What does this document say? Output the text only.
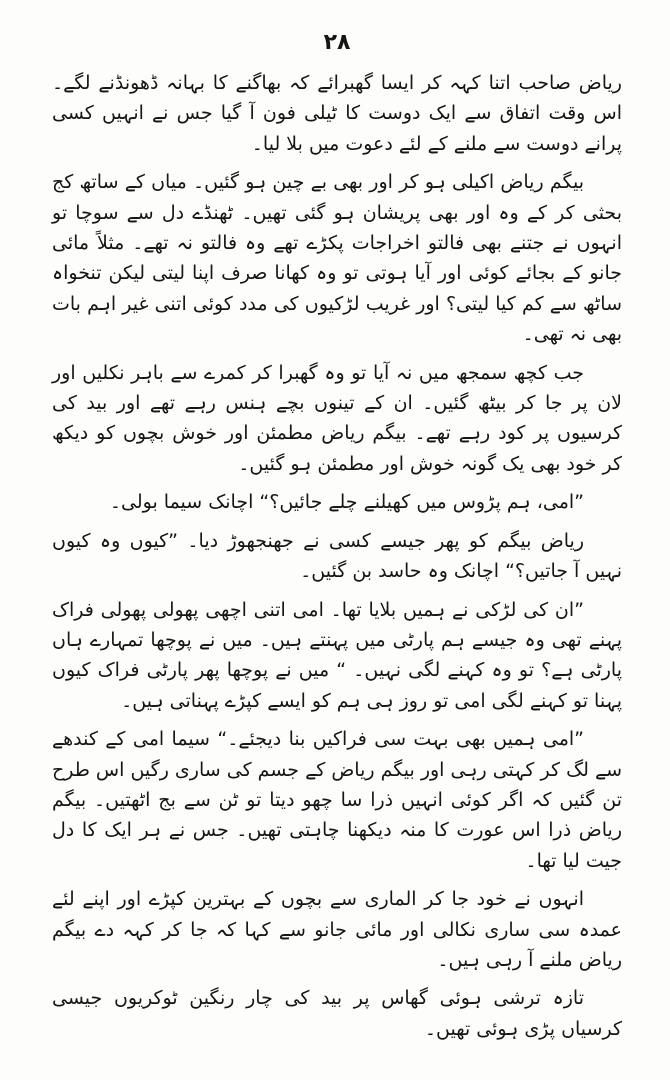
۲۸

ریاض صاحب اتنا کہہ کر ایسا گھبرائے کہ بھاگنے کا بہانہ ڈھونڈنے لگے۔ اس وقت اتفاق سے ایک دوست کا ٹیلی فون آ گیا جس نے انہیں کسی پرانے دوست سے ملنے کے لئے دعوت میں بلا لیا۔

بیگم ریاض اکیلی ہو کر اور بھی بے چین ہو گئیں۔ میاں کے ساتھ کج بحثی کر کے وہ اور بھی پریشان ہو گئی تھیں۔ ٹھنڈے دل سے سوچا تو انہوں نے جتنے بھی فالتو اخراجات پکڑے تھے وہ فالتو نہ تھے۔ مثلاً مائی جانو کے بجائے کوئی اور آیا ہوتی تو وہ کھانا صرف اپنا لیتی لیکن تنخواہ ساٹھ سے کم کیا لیتی؟ اور غریب لڑکیوں کی مدد کوئی اتنی غیر اہم بات بھی نہ تھی۔

جب کچھ سمجھ میں نہ آیا تو وہ گھبرا کر کمرے سے باہر نکلیں اور لان پر جا کر بیٹھ گئیں۔ ان کے تینوں بچے ہنس رہے تھے اور بید کی کرسیوں پر کود رہے تھے۔ بیگم ریاض مطمئن اور خوش بچوں کو دیکھ کر خود بھی یک گونہ خوش اور مطمئن ہو گئیں۔

”امی، ہم پڑوس میں کھیلنے چلے جائیں؟“ اچانک سیما بولی۔

ریاض بیگم کو پھر جیسے کسی نے جھنجھوڑ دیا۔ ”کیوں وہ کیوں نہیں آ جاتیں؟“ اچانک وہ حاسد بن گئیں۔

”ان کی لڑکی نے ہمیں بلایا تھا۔ امی اتنی اچھی پھولی پھولی فراک پہنے تھی وہ جیسے ہم پارٹی میں پہنتے ہیں۔ میں نے پوچھا تمہارے ہاں پارٹی ہے؟ تو وہ کہنے لگی نہیں۔ “ میں نے پوچھا پھر پارٹی فراک کیوں پہنا تو کہنے لگی امی تو روز ہی ہم کو ایسے کپڑے پہناتی ہیں۔

”امی ہمیں بھی بہت سی فراکیں بنا دیجئے۔“ سیما امی کے کندھے سے لگ کر کہتی رہی اور بیگم ریاض کے جسم کی ساری رگیں اس طرح تن گئیں کہ اگر کوئی انہیں ذرا سا چھو دیتا تو ٹن سے بج اٹھتیں۔ بیگم ریاض ذرا اس عورت کا منہ دیکھنا چاہتی تھیں۔ جس نے ہر ایک کا دل جیت لیا تھا۔

انہوں نے خود جا کر الماری سے بچوں کے بہترین کپڑے اور اپنے لئے عمدہ سی ساری نکالی اور مائی جانو سے کہا کہ جا کر کہہ دے بیگم ریاض ملنے آ رہی ہیں۔

تازہ ترشی ہوئی گھاس پر بید کی چار رنگین ٹوکریوں جیسی کرسیاں پڑی ہوئی تھیں۔
